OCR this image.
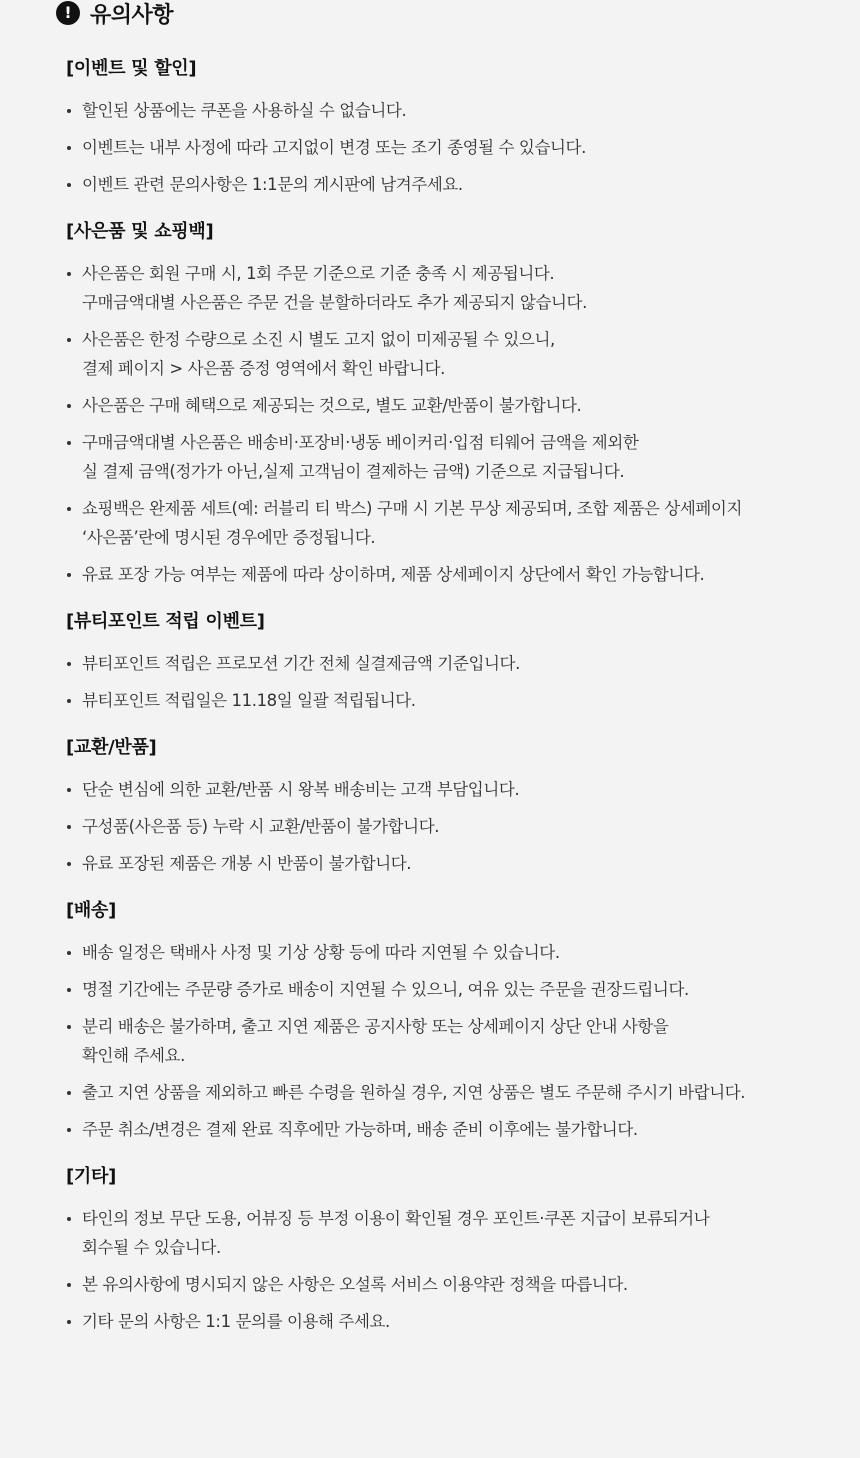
! 유의사항
[이벤트 및 할인]
할인된 상품에는 쿠폰을 사용하실 수 없습니다.
이벤트는 내부 사정에 따라 고지없이 변경 또는 조기 종영될 수 있습니다.
이벤트 관련 문의사항은 1:1문의 게시판에 남겨주세요.
[사은품 및 쇼핑백]
사은품은 회원 구매 시, 1회 주문 기준으로 기준 충족 시 제공됩니다.
구매금액대별 사은품은 주문 건을 분할하더라도 추가 제공되지 않습니다.
사은품은 한정 수량으로 소진 시 별도 고지 없이 미제공될 수 있으니,
결제 페이지 > 사은품 증정 영역에서 확인 바랍니다.
사은품은 구매 혜택으로 제공되는 것으로, 별도 교환/반품이 불가합니다.
구매금액대별 사은품은 배송비·포장비·냉동 베이커리·입점 티웨어 금액을 제외한
실 결제 금액(정가가 아닌,실제 고객님이 결제하는 금액) 기준으로 지급됩니다.
쇼핑백은 완제품 세트(예: 러블리 티 박스) 구매 시 기본 무상 제공되며, 조합 제품은 상세페이지
‘사은품’란에 명시된 경우에만 증정됩니다.
유료 포장 가능 여부는 제품에 따라 상이하며, 제품 상세페이지 상단에서 확인 가능합니다.
[뷰티포인트 적립 이벤트]
뷰티포인트 적립은 프로모션 기간 전체 실결제금액 기준입니다.
뷰티포인트 적립일은 11.18일 일괄 적립됩니다.
[교환/반품]
단순 변심에 의한 교환/반품 시 왕복 배송비는 고객 부담입니다.
구성품(사은품 등) 누락 시 교환/반품이 불가합니다.
유료 포장된 제품은 개봉 시 반품이 불가합니다.
[배송]
배송 일정은 택배사 사정 및 기상 상황 등에 따라 지연될 수 있습니다.
명절 기간에는 주문량 증가로 배송이 지연될 수 있으니, 여유 있는 주문을 권장드립니다.
분리 배송은 불가하며, 출고 지연 제품은 공지사항 또는 상세페이지 상단 안내 사항을
확인해 주세요.
출고 지연 상품을 제외하고 빠른 수령을 원하실 경우, 지연 상품은 별도 주문해 주시기 바랍니다.
주문 취소/변경은 결제 완료 직후에만 가능하며, 배송 준비 이후에는 불가합니다.
[기타]
타인의 정보 무단 도용, 어뷰징 등 부정 이용이 확인될 경우 포인트·쿠폰 지급이 보류되거나
회수될 수 있습니다.
본 유의사항에 명시되지 않은 사항은 오설록 서비스 이용약관 정책을 따릅니다.
기타 문의 사항은 1:1 문의를 이용해 주세요.
